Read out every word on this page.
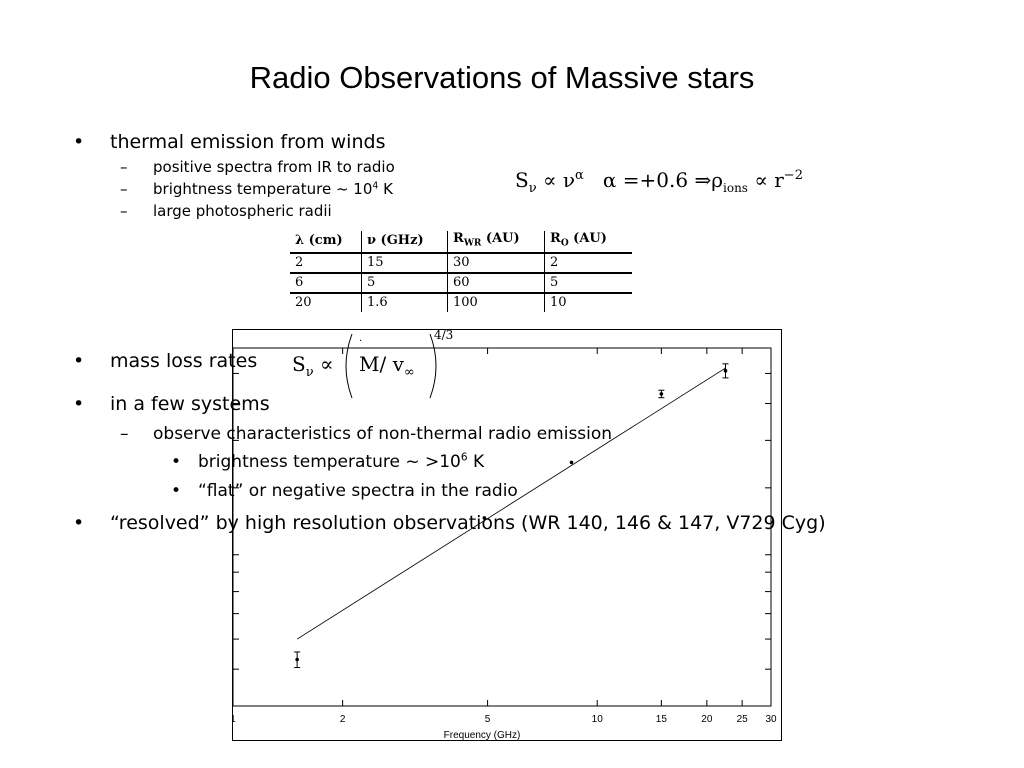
Radio Observations of Massive stars
• thermal emission from winds
– positive spectra from IR to radio
– brightness temperature ~ $10^4$ K
– large photospheric radii
$S_\nu \propto \nu^\alpha$ α =+0.6 $\Rightarrow\rho_{ions} \propto r^{-2}$
λ (cm)	ν (GHz)	$R_{WR}$ (AU)	$R_O$ (AU)
2	15	30	2
6	5	60	5
20	1.6	100	10
2	5	10	15	20 25 30
Frequency (GHz)
$S_\nu$ ∝
·
M/ $v_\infty$
4/3
• mass loss rates
• in a few systems
– observe characteristics of non-thermal radio emission
• brightness temperature ~ $>10^6$ K
• “flat” or negative spectra in the radio
• “resolved” by high resolution observations (WR 140, 146 & 147, V729 Cyg)
